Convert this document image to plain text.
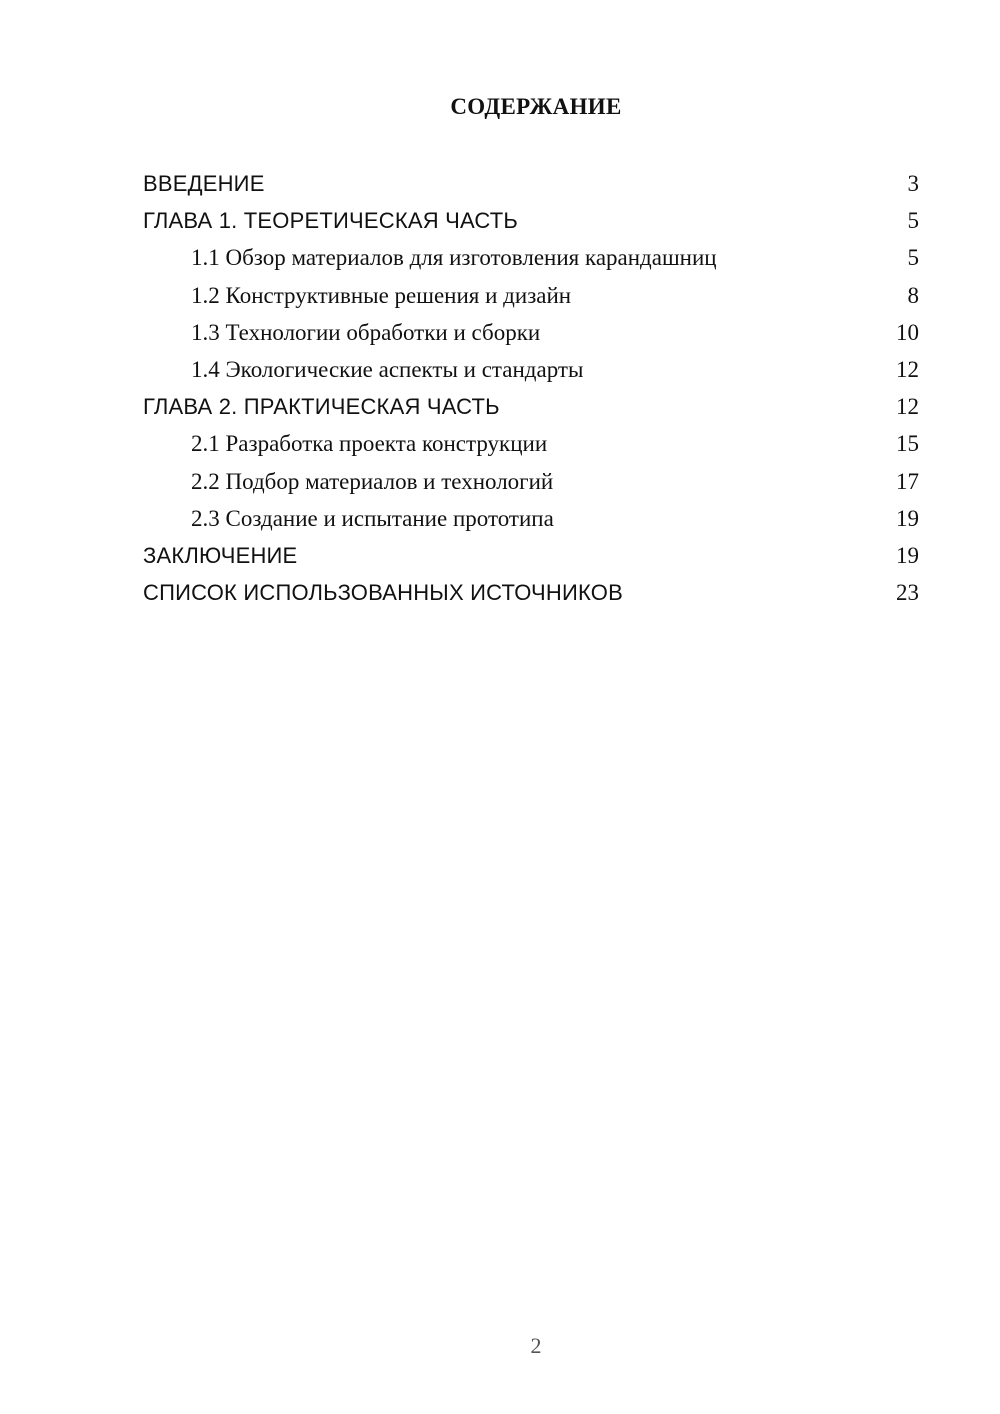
СОДЕРЖАНИЕ
ВВЕДЕНИЕ	3
ГЛАВА 1. ТЕОРЕТИЧЕСКАЯ ЧАСТЬ	5
1.1 Обзор материалов для изготовления карандашниц	5
1.2 Конструктивные решения и дизайн	8
1.3 Технологии обработки и сборки	10
1.4 Экологические аспекты и стандарты	12
ГЛАВА 2. ПРАКТИЧЕСКАЯ ЧАСТЬ	12
2.1 Разработка проекта конструкции	15
2.2 Подбор материалов и технологий	17
2.3 Создание и испытание прототипа	19
ЗАКЛЮЧЕНИЕ	19
СПИСОК ИСПОЛЬЗОВАННЫХ ИСТОЧНИКОВ	23
2
